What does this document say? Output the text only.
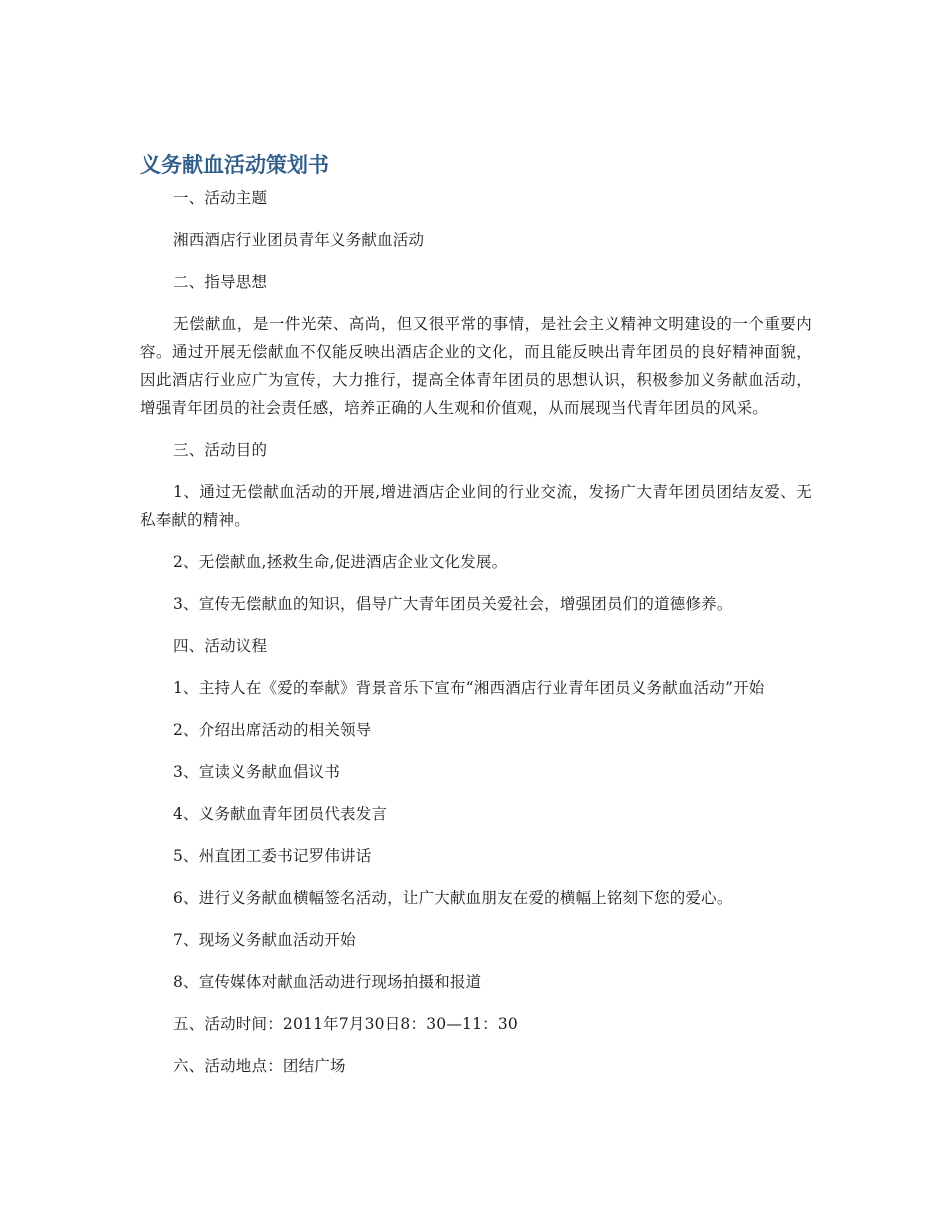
义务献血活动策划书

一、活动主题

湘西酒店行业团员青年义务献血活动

二、指导思想

无偿献血，是一件光荣、高尚，但又很平常的事情，是社会主义精神文明建设的一个重要内容。通过开展无偿献血不仅能反映出酒店企业的文化，而且能反映出青年团员的良好精神面貌，因此酒店行业应广为宣传，大力推行，提高全体青年团员的思想认识，积极参加义务献血活动，增强青年团员的社会责任感，培养正确的人生观和价值观，从而展现当代青年团员的风采。

三、活动目的

1、通过无偿献血活动的开展,增进酒店企业间的行业交流，发扬广大青年团员团结友爱、无私奉献的精神。

2、无偿献血,拯救生命,促进酒店企业文化发展。

3、宣传无偿献血的知识，倡导广大青年团员关爱社会，增强团员们的道德修养。

四、活动议程

1、主持人在《爱的奉献》背景音乐下宣布“湘西酒店行业青年团员义务献血活动”开始

2、介绍出席活动的相关领导

3、宣读义务献血倡议书

4、义务献血青年团员代表发言

5、州直团工委书记罗伟讲话

6、进行义务献血横幅签名活动，让广大献血朋友在爱的横幅上铭刻下您的爱心。

7、现场义务献血活动开始

8、宣传媒体对献血活动进行现场拍摄和报道

五、活动时间：2011年7月30日8：30—11：30

六、活动地点：团结广场
